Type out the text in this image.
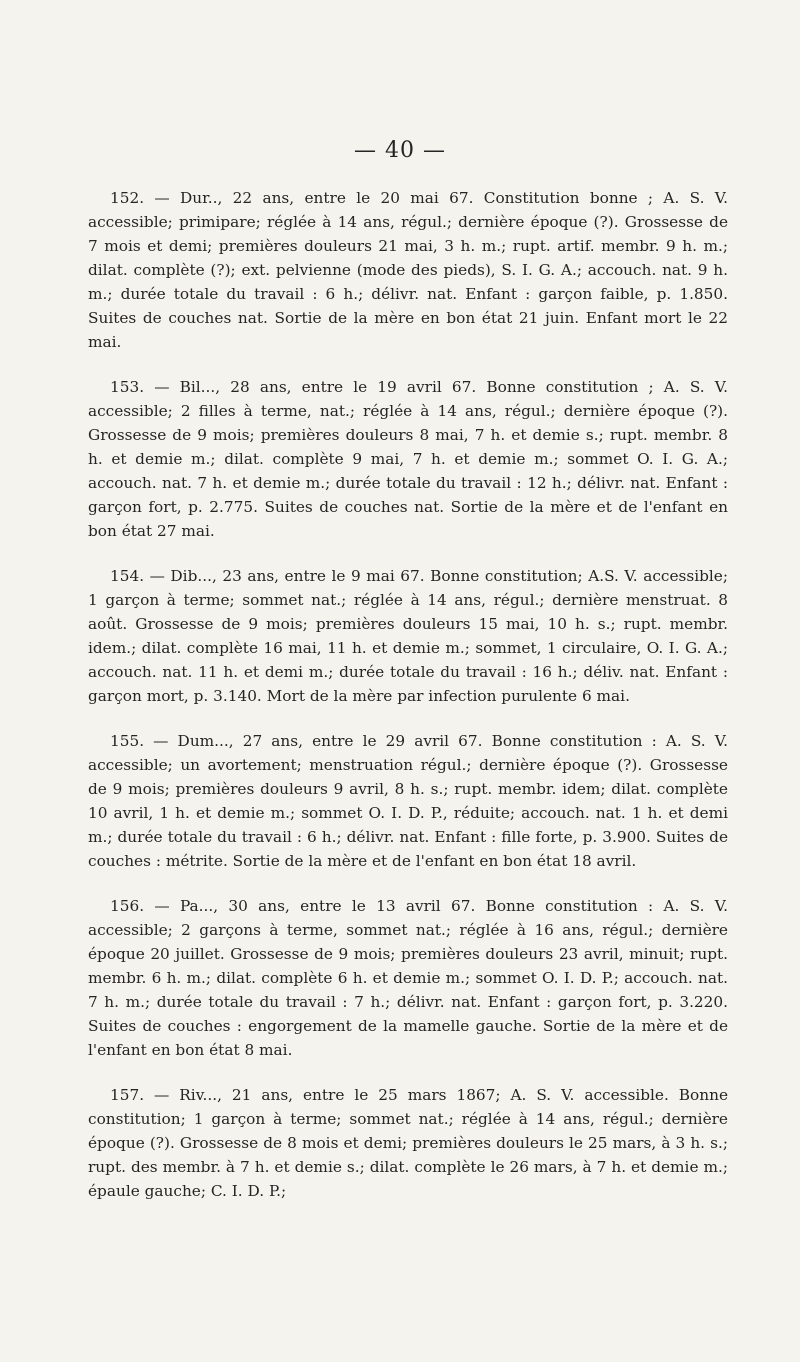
— 40 —

152. — Dur.., 22 ans, entre le 20 mai 67. Constitution bonne ; A. S. V. accessible; primipare; réglée à 14 ans, régul.; dernière époque (?). Grossesse de 7 mois et demi; premières douleurs 21 mai, 3 h. m.; rupt. artif. membr. 9 h. m.; dilat. complète (?); ext. pelvienne (mode des pieds), S. I. G. A.; accouch. nat. 9 h. m.; durée totale du travail : 6 h.; délivr. nat. Enfant : garçon faible, p. 1.850. Suites de couches nat. Sortie de la mère en bon état 21 juin. Enfant mort le 22 mai.

153. — Bil..., 28 ans, entre le 19 avril 67. Bonne constitution ; A. S. V. accessible; 2 filles à terme, nat.; réglée à 14 ans, régul.; dernière époque (?). Grossesse de 9 mois; premières douleurs 8 mai, 7 h. et demie s.; rupt. membr. 8 h. et demie m.; dilat. complète 9 mai, 7 h. et demie m.; sommet O. I. G. A.; accouch. nat. 7 h. et demie m.; durée totale du travail : 12 h.; délivr. nat. Enfant : garçon fort, p. 2.775. Suites de couches nat. Sortie de la mère et de l'enfant en bon état 27 mai.

154. — Dib..., 23 ans, entre le 9 mai 67. Bonne constitution; A.S. V. accessible; 1 garçon à terme; sommet nat.; réglée à 14 ans, régul.; dernière menstruat. 8 août. Grossesse de 9 mois; premières douleurs 15 mai, 10 h. s.; rupt. membr. idem.; dilat. complète 16 mai, 11 h. et demie m.; sommet, 1 circulaire, O. I. G. A.; accouch. nat. 11 h. et demi m.; durée totale du travail : 16 h.; déliv. nat. Enfant : garçon mort, p. 3.140. Mort de la mère par infection purulente 6 mai.

155. — Dum..., 27 ans, entre le 29 avril 67. Bonne constitution : A. S. V. accessible; un avortement; menstruation régul.; dernière époque (?). Grossesse de 9 mois; premières douleurs 9 avril, 8 h. s.; rupt. membr. idem; dilat. complète 10 avril, 1 h. et demie m.; sommet O. I. D. P., réduite; accouch. nat. 1 h. et demi m.; durée totale du travail : 6 h.; délivr. nat. Enfant : fille forte, p. 3.900. Suites de couches : métrite. Sortie de la mère et de l'enfant en bon état 18 avril.

156. — Pa..., 30 ans, entre le 13 avril 67. Bonne constitution : A. S. V. accessible; 2 garçons à terme, sommet nat.; réglée à 16 ans, régul.; dernière époque 20 juillet. Grossesse de 9 mois; premières douleurs 23 avril, minuit; rupt. membr. 6 h. m.; dilat. complète 6 h. et demie m.; sommet O. I. D. P.; accouch. nat. 7 h. m.; durée totale du travail : 7 h.; délivr. nat. Enfant : garçon fort, p. 3.220. Suites de couches : engorgement de la mamelle gauche. Sortie de la mère et de l'enfant en bon état 8 mai.

157. — Riv..., 21 ans, entre le 25 mars 1867; A. S. V. accessible. Bonne constitution; 1 garçon à terme; sommet nat.; réglée à 14 ans, régul.; dernière époque (?). Grossesse de 8 mois et demi; premières douleurs le 25 mars, à 3 h. s.; rupt. des membr. à 7 h. et demie s.; dilat. complète le 26 mars, à 7 h. et demie m.; épaule gauche; C. I. D. P.;
